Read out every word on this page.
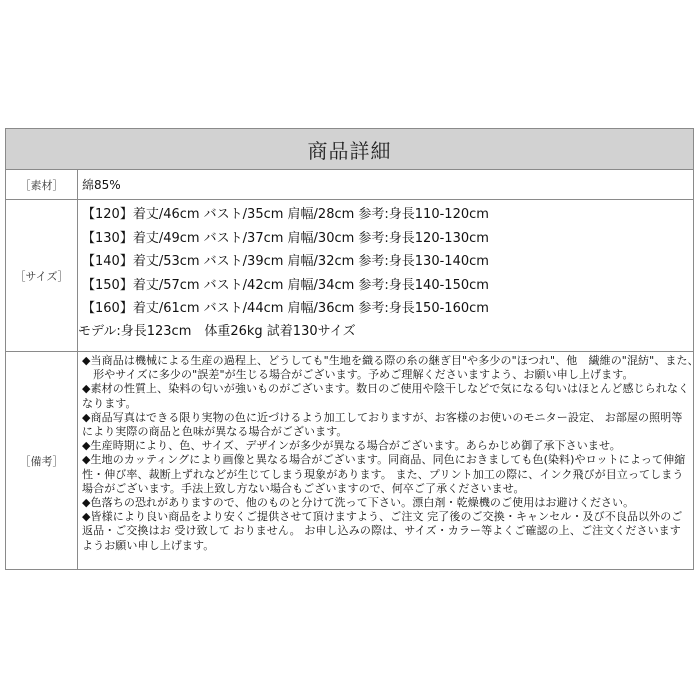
商品詳細
［素材］	綿85%
［サイズ］
【120】着丈/46cm バスト/35cm 肩幅/28cm 参考:身長110-120cm
【130】着丈/49cm バスト/37cm 肩幅/30cm 参考:身長120-130cm
【140】着丈/53cm バスト/39cm 肩幅/32cm 参考:身長130-140cm
【150】着丈/57cm バスト/42cm 肩幅/34cm 参考:身長140-150cm
【160】着丈/61cm バスト/44cm 肩幅/36cm 参考:身長150-160cm
モデル:身長123cm　体重26kg 試着130サイズ
［備考］
◆当商品は機械による生産の過程上、どうしても"生地を織る際の糸の継ぎ目"や多少の"ほつれ"、他　繊維の"混紡"、また、
　形やサイズに多少の"誤差"が生じる場合がございます。予めご理解くださいますよう、お願い申し上げます。
◆素材の性質上、染料の匂いが強いものがございます。数日のご使用や陰干しなどで気になる匂いはほとんど感じられなく
なります。
◆商品写真はできる限り実物の色に近づけるよう加工しておりますが、お客様のお使いのモニター設定、 お部屋の照明等
により実際の商品と色味が異なる場合がございます。
◆生産時期により、色、サイズ、デザインが多少が異なる場合がございます。あらかじめ御了承下さいませ。
◆生地のカッティングにより画像と異なる場合がございます。同商品、同色におきましても色(染料)やロットによって伸縮
性・伸び率、裁断上ずれなどが生じてしまう現象があります。 また、プリント加工の際に、インク飛びが目立ってしまう
場合がございます。手法上致し方ない場合もございますので、何卒ご了承くださいませ。
◆色落ちの恐れがありますので、他のものと分けて洗って下さい。漂白剤・乾燥機のご使用はお避けください。
◆皆様により良い商品をより安くご提供させて頂けますよう、ご注文 完了後のご交換・キャンセル・及び不良品以外のご
返品・ご交換はお 受け致して おりません。 お申し込みの際は、サイズ・カラー等よくご確認の上、ご注文くださいます
ようお願い申し上げます。
